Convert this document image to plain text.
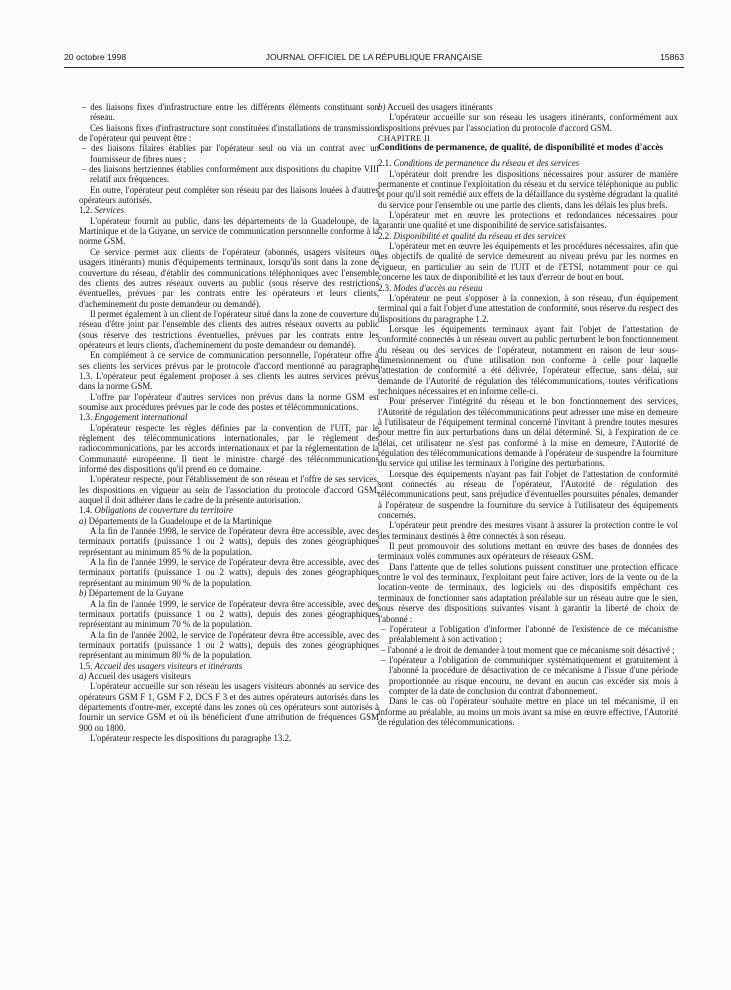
20 octobre 1998	JOURNAL OFFICIEL DE LA RÉPUBLIQUE FRANÇAISE	15863

– des liaisons fixes d'infrastructure entre les différents éléments constituant son réseau.

Ces liaisons fixes d'infrastructure sont constituées d'installations de transmission de l'opérateur qui peuvent être :

– des liaisons filaires établies par l'opérateur seul ou via un contrat avec un fournisseur de fibres nues ;

– des liaisons hertziennes établies conformément aux dispositions du chapitre VIII relatif aux fréquences.

En outre, l'opérateur peut compléter son réseau par des liaisons louées à d'autres opérateurs autorisés.

1.2. Services

L'opérateur fournit au public, dans les départements de la Guadeloupe, de la Martinique et de la Guyane, un service de communication personnelle conforme à la norme GSM.

Ce service permet aux clients de l'opérateur (abonnés, usagers visiteurs ou usagers itinérants) munis d'équipements terminaux, lorsqu'ils sont dans la zone de couverture du réseau, d'établir des communications téléphoniques avec l'ensemble des clients des autres réseaux ouverts au public (sous réserve des restrictions éventuelles, prévues par les contrats entre les opérateurs et leurs clients, d'acheminement du poste demandeur ou demandé).

Il permet également à un client de l'opérateur situé dans la zone de couverture du réseau d'être joint par l'ensemble des clients des autres réseaux ouverts au public (sous réserve des restrictions éventuelles, prévues par les contrats entre les opérateurs et leurs clients, d'acheminement du poste demandeur ou demandé).

En complément à ce service de communication personnelle, l'opérateur offre à ses clients les services prévus par le protocole d'accord mentionné au paragraphe 1.3. L'opérateur peut également proposer à ses clients les autres services prévus dans la norme GSM.

L'offre par l'opérateur d'autres services non prévus dans la norme GSM est soumise aux procédures prévues par le code des postes et télécommunications.

1.3. Engagement international

L'opérateur respecte les règles définies par la convention de l'UIT, par le règlement des télécommunications internationales, par le règlement des radiocommunications, par les accords internationaux et par la réglementation de la Communauté européenne. Il tient le ministre chargé des télécommunications informé des dispositions qu'il prend en ce domaine.

L'opérateur respecte, pour l'établissement de son réseau et l'offre de ses services, les dispositions en vigueur au sein de l'association du protocole d'accord GSM, auquel il doit adhérer dans le cadre de la présente autorisation.

1.4. Obligations de couverture du territoire

a) Départements de la Guadeloupe et de la Martinique

A la fin de l'année 1998, le service de l'opérateur devra être accessible, avec des terminaux portatifs (puissance 1 ou 2 watts), depuis des zones géographiques représentant au minimum 85 % de la population.

A la fin de l'année 1999, le service de l'opérateur devra être accessible, avec des terminaux portatifs (puissance 1 ou 2 watts), depuis des zones géographiques représentant au minimum 90 % de la population.

b) Département de la Guyane

A la fin de l'année 1999, le service de l'opérateur devra être accessible, avec des terminaux portatifs (puissance 1 ou 2 watts), depuis des zones géographiques représentant au minimum 70 % de la population.

A la fin de l'année 2002, le service de l'opérateur devra être accessible, avec des terminaux portatifs (puissance 1 ou 2 watts), depuis des zones géographiques représentant au minimum 80 % de la population.

1.5. Accueil des usagers visiteurs et itinérants

a) Accueil des usagers visiteurs

L'opérateur accueille sur son réseau les usagers visiteurs abonnés au service des opérateurs GSM F 1, GSM F 2, DCS F 3 et des autres opérateurs autorisés dans les départements d'outre-mer, excepté dans les zones où ces opérateurs sont autorisés à fournir un service GSM et où ils bénéficient d'une attribution de fréquences GSM 900 ou 1800.

L'opérateur respecte les dispositions du paragraphe 13.2.

b) Accueil des usagers itinérants

L'opérateur accueille sur son réseau les usagers itinérants, conformément aux dispositions prévues par l'association du protocole d'accord GSM.

CHAPITRE II

Conditions de permanence, de qualité, de disponibilité et modes d'accès

2.1. Conditions de permanence du réseau et des services

L'opérateur doit prendre les dispositions nécessaires pour assurer de manière permanente et continue l'exploitation du réseau et du service téléphonique au public et pour qu'il soit remédié aux effets de la défaillance du système dégradant la qualité du service pour l'ensemble ou une partie des clients, dans les délais les plus brefs.

L'opérateur met en œuvre les protections et redondances nécessaires pour garantir une qualité et une disponibilité de service satisfaisantes.

2.2. Disponibilité et qualité du réseau et des services

L'opérateur met en œuvre les équipements et les procédures nécessaires, afin que les objectifs de qualité de service demeurent au niveau prévu par les normes en vigueur, en particulier au sein de l'UIT et de l'ETSI, notamment pour ce qui concerne les taux de disponibilité et les taux d'erreur de bout en bout.

2.3. Modes d'accès au réseau

L'opérateur ne peut s'opposer à la connexion, à son réseau, d'un équipement terminal qui a fait l'objet d'une attestation de conformité, sous réserve du respect des dispositions du paragraphe 1.2.

Lorsque les équipements terminaux ayant fait l'objet de l'attestation de conformité connectés à un réseau ouvert au public perturbent le bon fonctionnement du réseau ou des services de l'opérateur, notamment en raison de leur sous-dimensionnement ou d'une utilisation non conforme à celle pour laquelle l'attestation de conformité a été délivrée, l'opérateur effectue, sans délai, sur demande de l'Autorité de régulation des télécommunications, toutes vérifications techniques nécessaires et en informe celle-ci.

Pour préserver l'intégrité du réseau et le bon fonctionnement des services, l'Autorité de régulation des télécommunications peut adresser une mise en demeure à l'utilisateur de l'équipement terminal concerné l'invitant à prendre toutes mesures pour mettre fin aux perturbations dans un délai déterminé. Si, à l'expiration de ce délai, cet utilisateur ne s'est pas conformé à la mise en demeure, l'Autorité de régulation des télécommunications demande à l'opérateur de suspendre la fourniture du service qui utilise les terminaux à l'origine des perturbations.

Lorsque des équipements n'ayant pas fait l'objet de l'attestation de conformité sont connectés au réseau de l'opérateur, l'Autorité de régulation des télécommunications peut, sans préjudice d'éventuelles poursuites pénales, demander à l'opérateur de suspendre la fourniture du service à l'utilisateur des équipements concernés.

L'opérateur peut prendre des mesures visant à assurer la protection contre le vol des terminaux destinés à être connectés à son réseau.

Il peut promouvoir des solutions mettant en œuvre des bases de données des terminaux volés communes aux opérateurs de réseaux GSM.

Dans l'attente que de telles solutions puissent constituer une protection efficace contre le vol des terminaux, l'exploitant peut faire activer, lors de la vente ou de la location-vente de terminaux, des logiciels ou des dispositifs empêchant ces terminaux de fonctionner sans adaptation préalable sur un réseau autre que le sien, sous réserve des dispositions suivantes visant à garantir la liberté de choix de l'abonné :

– l'opérateur a l'obligation d'informer l'abonné de l'existence de ce mécanisme préalablement à son activation ;

– l'abonné a le droit de demander à tout moment que ce mécanisme soit désactivé ;

– l'opérateur a l'obligation de communiquer systématiquement et gratuitement à l'abonné la procédure de désactivation de ce mécanisme à l'issue d'une période proportionnée au risque encouru, ne devant en aucun cas excéder six mois à compter de la date de conclusion du contrat d'abonnement.

Dans le cas où l'opérateur souhaite mettre en place un tel mécanisme, il en informe au préalable, au moins un mois avant sa mise en œuvre effective, l'Autorité de régulation des télécommunications.
